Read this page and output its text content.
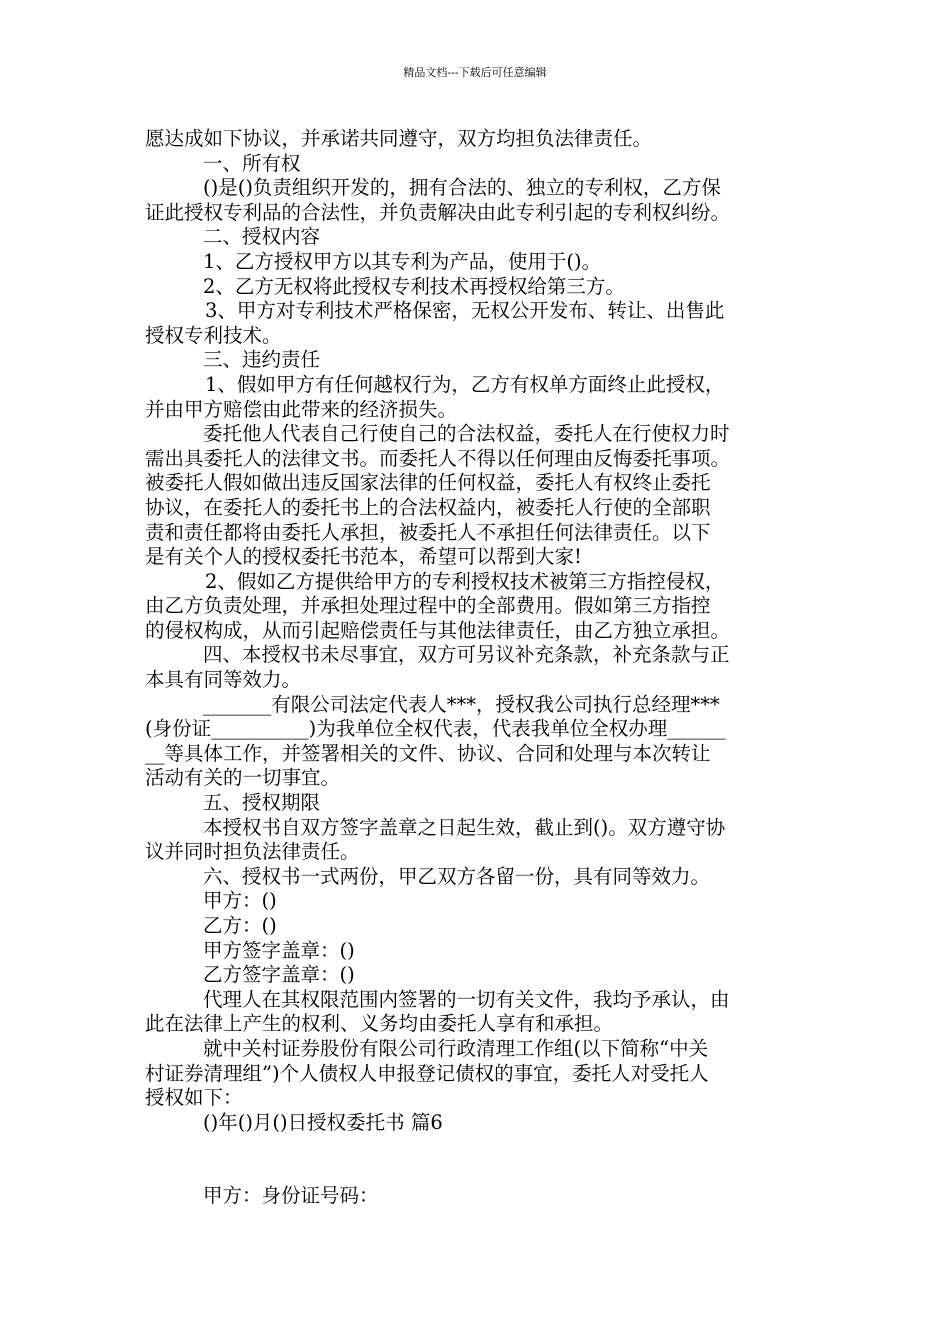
精品文档---下载后可任意编辑
愿达成如下协议，并承诺共同遵守，双方均担负法律责任。
一、所有权
()是()负责组织开发的，拥有合法的、独立的专利权，乙方保
证此授权专利品的合法性，并负责解决由此专利引起的专利权纠纷。
二、授权内容
1、乙方授权甲方以其专利为产品，使用于()。
2、乙方无权将此授权专利技术再授权给第三方。
3、甲方对专利技术严格保密，无权公开发布、转让、出售此
授权专利技术。
三、违约责任
1、假如甲方有任何越权行为，乙方有权单方面终止此授权，
并由甲方赔偿由此带来的经济损失。
委托他人代表自己行使自己的合法权益，委托人在行使权力时
需出具委托人的法律文书。而委托人不得以任何理由反悔委托事项。
被委托人假如做出违反国家法律的任何权益，委托人有权终止委托
协议，在委托人的委托书上的合法权益内，被委托人行使的全部职
责和责任都将由委托人承担，被委托人不承担任何法律责任。以下
是有关个人的授权委托书范本，希望可以帮到大家!
2、假如乙方提供给甲方的专利授权技术被第三方指控侵权，
由乙方负责处理，并承担处理过程中的全部费用。假如第三方指控
的侵权构成，从而引起赔偿责任与其他法律责任，由乙方独立承担。
四、本授权书未尽事宜，双方可另议补充条款，补充条款与正
本具有同等效力。
_______有限公司法定代表人***，授权我公司执行总经理***
(身份证__________)为我单位全权代表，代表我单位全权办理______
__等具体工作，并签署相关的文件、协议、合同和处理与本次转让
活动有关的一切事宜。
五、授权期限
本授权书自双方签字盖章之日起生效，截止到()。双方遵守协
议并同时担负法律责任。
六、授权书一式两份，甲乙双方各留一份，具有同等效力。
甲方：()
乙方：()
甲方签字盖章：()
乙方签字盖章：()
代理人在其权限范围内签署的一切有关文件，我均予承认，由
此在法律上产生的权利、义务均由委托人享有和承担。
就中关村证券股份有限公司行政清理工作组(以下简称“中关
村证券清理组”)个人债权人申报登记债权的事宜，委托人对受托人
授权如下：
()年()月()日授权委托书 篇6
甲方：身份证号码：
